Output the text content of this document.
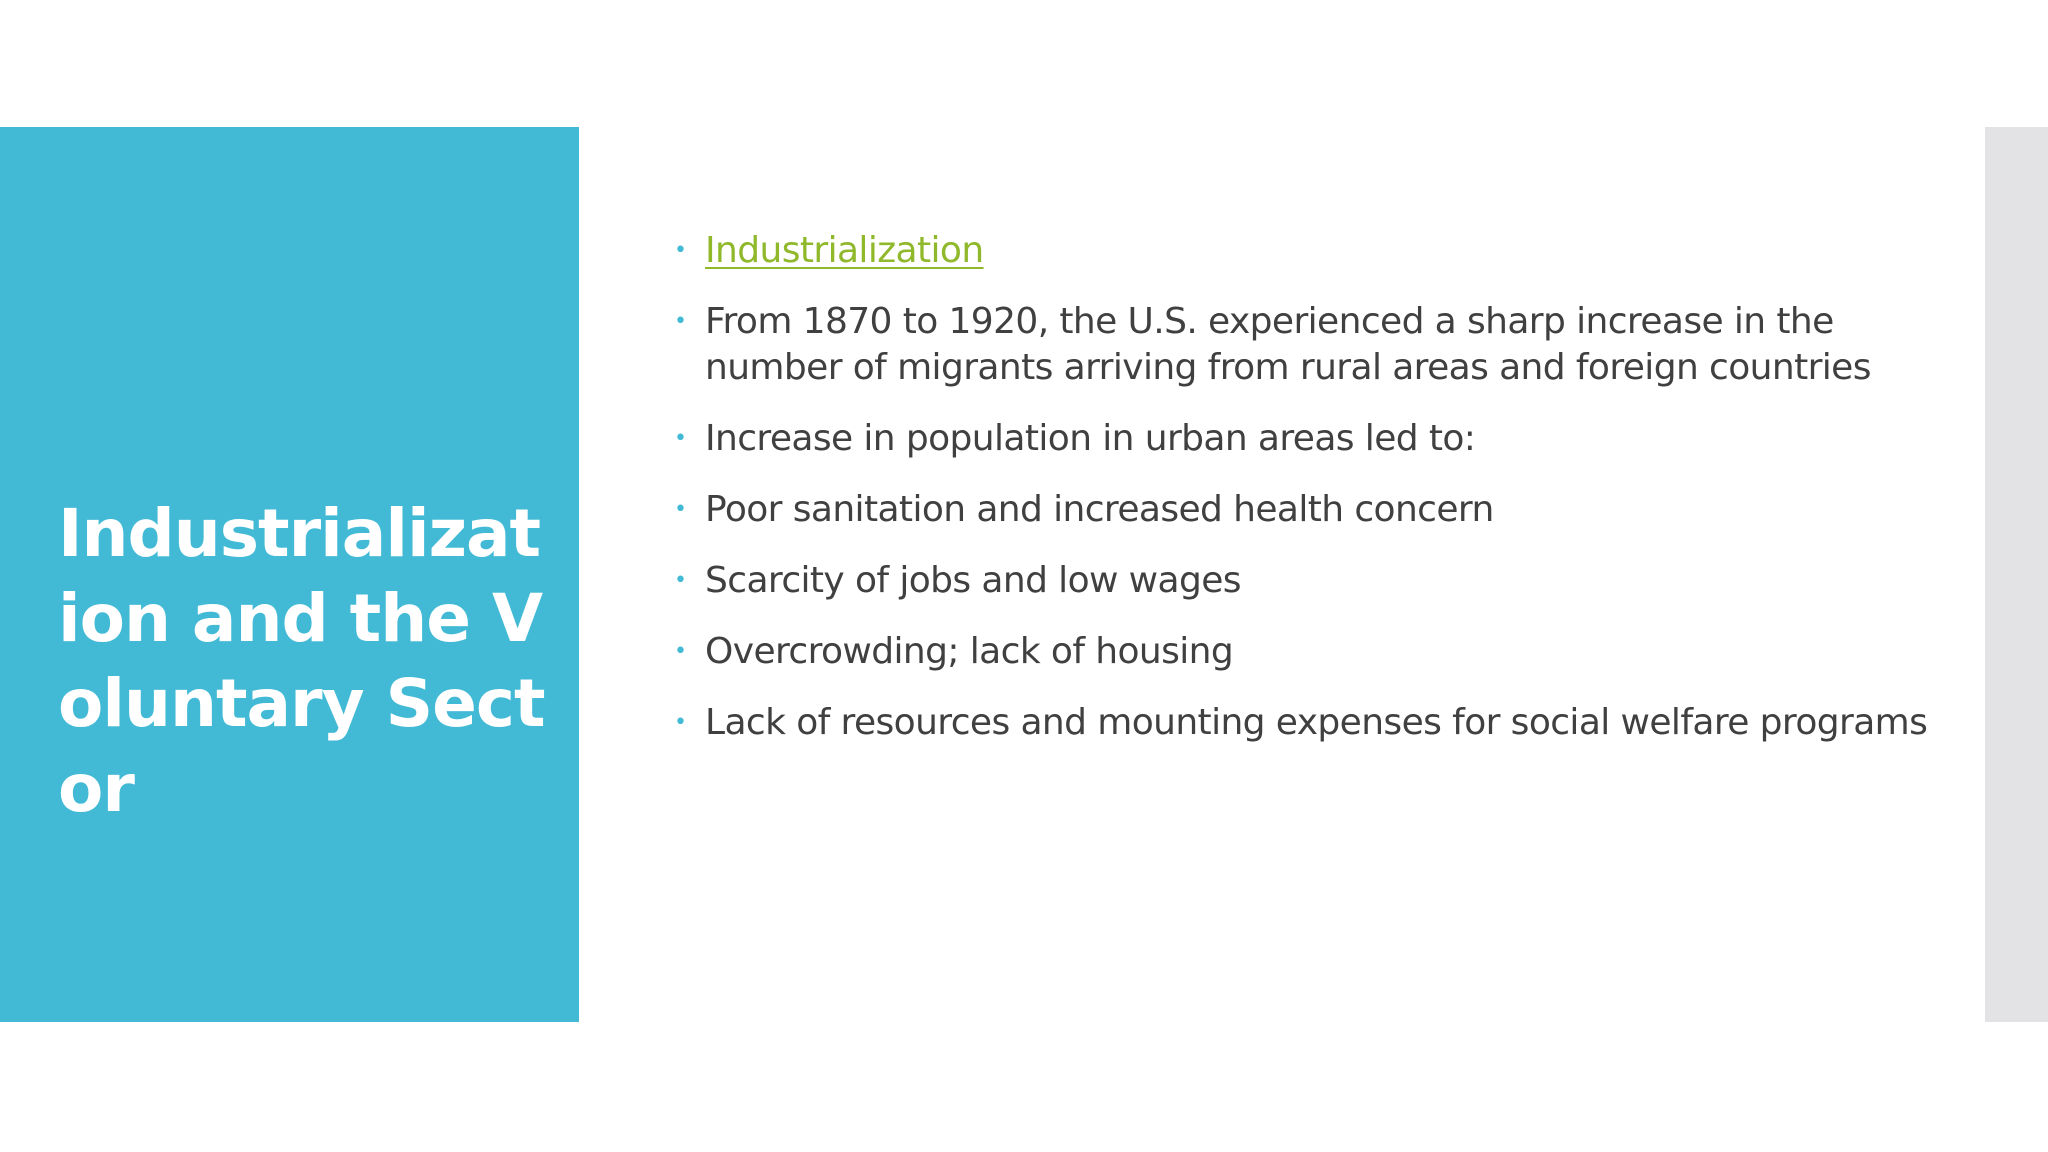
Industrialization and the Voluntary Sector
• Industrialization
• From 1870 to 1920, the U.S. experienced a sharp increase in the number of migrants arriving from rural areas and foreign countries
• Increase in population in urban areas led to:
• Poor sanitation and increased health concern
• Scarcity of jobs and low wages
• Overcrowding; lack of housing
• Lack of resources and mounting expenses for social welfare programs
